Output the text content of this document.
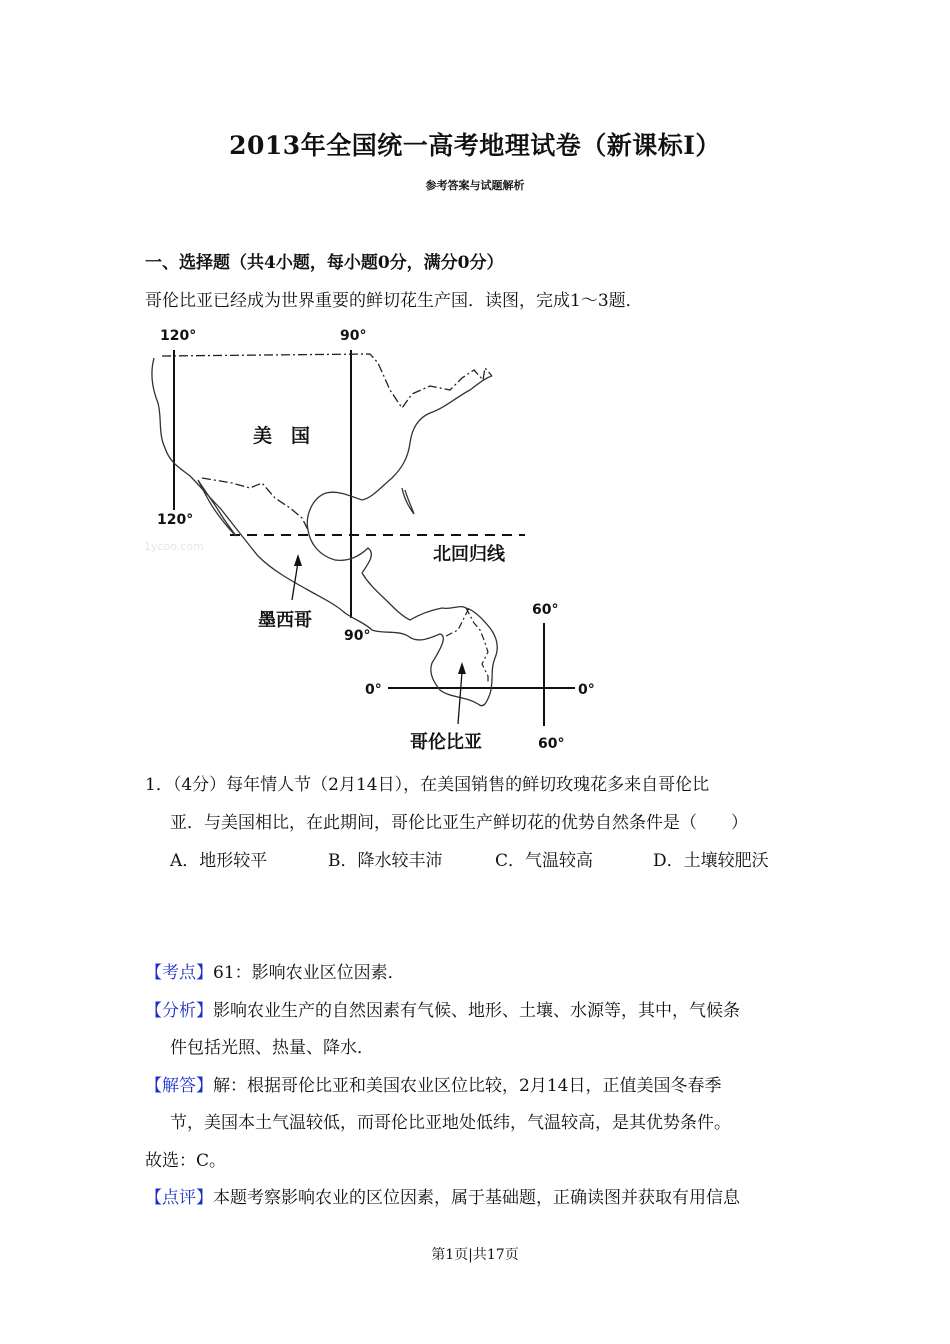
2013年全国统一高考地理试卷（新课标I）
参考答案与试题解析
一、选择题（共4小题，每小题0分，满分0分）
哥伦比亚已经成为世界重要的鲜切花生产国．读图，完成1～3题．
120°	90°
120°
90°
60°
60°
0°	0°
美　国
北回归线
墨西哥
哥伦比亚
1ycoo.com
1．（4分）每年情人节（2月14日），在美国销售的鲜切玫瑰花多来自哥伦比
亚．与美国相比，在此期间，哥伦比亚生产鲜切花的优势自然条件是（　　）
A．地形较平	B．降水较丰沛	C．气温较高	D．土壤较肥沃
【考点】61：影响农业区位因素．
【分析】影响农业生产的自然因素有气候、地形、土壤、水源等，其中，气候条
件包括光照、热量、降水．
【解答】解：根据哥伦比亚和美国农业区位比较，2月14日，正值美国冬春季
节，美国本土气温较低，而哥伦比亚地处低纬，气温较高，是其优势条件。
故选：C。
【点评】本题考察影响农业的区位因素，属于基础题，正确读图并获取有用信息
第1页|共17页
